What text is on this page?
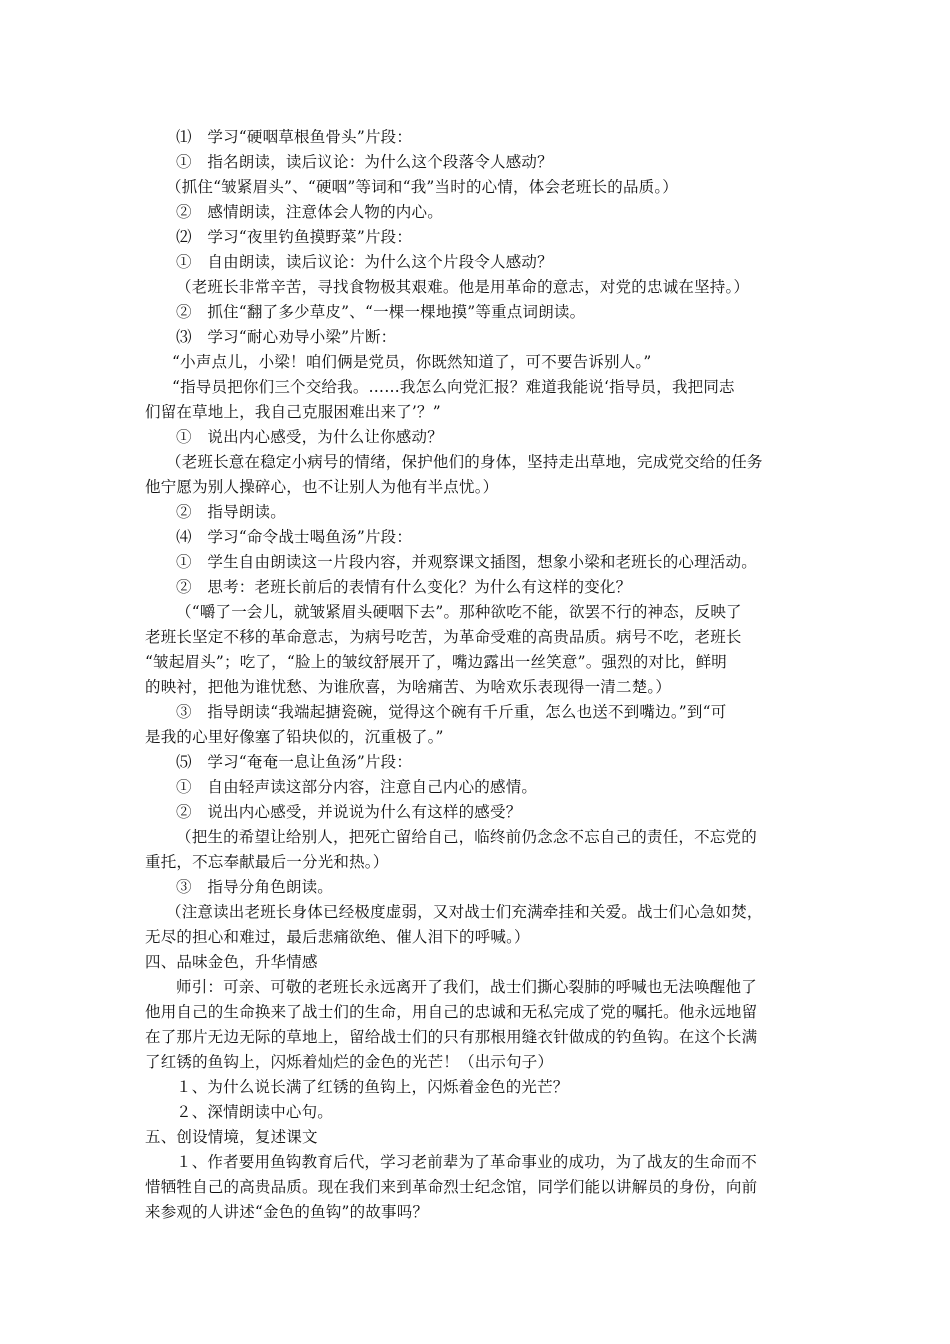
⑴　学习“硬咽草根鱼骨头”片段：
①　指名朗读，读后议论：为什么这个段落令人感动？
（抓住“皱紧眉头”、“硬咽”等词和“我”当时的心情，体会老班长的品质。）
②　感情朗读，注意体会人物的内心。
⑵　学习“夜里钓鱼摸野菜”片段：
①　自由朗读，读后议论：为什么这个片段令人感动？
（老班长非常辛苦，寻找食物极其艰难。他是用革命的意志，对党的忠诚在坚持。）
②　抓住“翻了多少草皮”、“一棵一棵地摸”等重点词朗读。
⑶　学习“耐心劝导小梁”片断：
“小声点儿，小梁！咱们俩是党员，你既然知道了，可不要告诉别人。”
“指导员把你们三个交给我。……我怎么向党汇报？难道我能说‘指导员，我把同志
们留在草地上，我自己克服困难出来了’？”
①　说出内心感受，为什么让你感动？
（老班长意在稳定小病号的情绪，保护他们的身体，坚持走出草地，完成党交给的任务
他宁愿为别人操碎心，也不让别人为他有半点忧。）
②　指导朗读。
⑷　学习“命令战士喝鱼汤”片段：
①　学生自由朗读这一片段内容，并观察课文插图，想象小梁和老班长的心理活动。
②　思考：老班长前后的表情有什么变化？为什么有这样的变化？
（“嚼了一会儿，就皱紧眉头硬咽下去”。那种欲吃不能，欲罢不行的神态，反映了
老班长坚定不移的革命意志，为病号吃苦，为革命受难的高贵品质。病号不吃，老班长
“皱起眉头”；吃了，“脸上的皱纹舒展开了，嘴边露出一丝笑意”。强烈的对比，鲜明
的映衬，把他为谁忧愁、为谁欣喜，为啥痛苦、为啥欢乐表现得一清二楚。）
③　指导朗读“我端起搪瓷碗，觉得这个碗有千斤重，怎么也送不到嘴边。”到“可
是我的心里好像塞了铅块似的，沉重极了。”
⑸　学习“奄奄一息让鱼汤”片段：
①　自由轻声读这部分内容，注意自己内心的感情。
②　说出内心感受，并说说为什么有这样的感受？
（把生的希望让给别人，把死亡留给自己，临终前仍念念不忘自己的责任，不忘党的
重托，不忘奉献最后一分光和热。）
③　指导分角色朗读。
（注意读出老班长身体已经极度虚弱，又对战士们充满牵挂和关爱。战士们心急如焚，
无尽的担心和难过，最后悲痛欲绝、催人泪下的呼喊。）
四、品味金色，升华情感
师引：可亲、可敬的老班长永远离开了我们，战士们撕心裂肺的呼喊也无法唤醒他了
他用自己的生命换来了战士们的生命，用自己的忠诚和无私完成了党的嘱托。他永远地留
在了那片无边无际的草地上，留给战士们的只有那根用缝衣针做成的钓鱼钩。在这个长满
了红锈的鱼钩上，闪烁着灿烂的金色的光芒！（出示句子）
１、为什么说长满了红锈的鱼钩上，闪烁着金色的光芒？
２、深情朗读中心句。
五、创设情境，复述课文
１、作者要用鱼钩教育后代，学习老前辈为了革命事业的成功，为了战友的生命而不
惜牺牲自己的高贵品质。现在我们来到革命烈士纪念馆，同学们能以讲解员的身份，向前
来参观的人讲述“金色的鱼钩”的故事吗？
